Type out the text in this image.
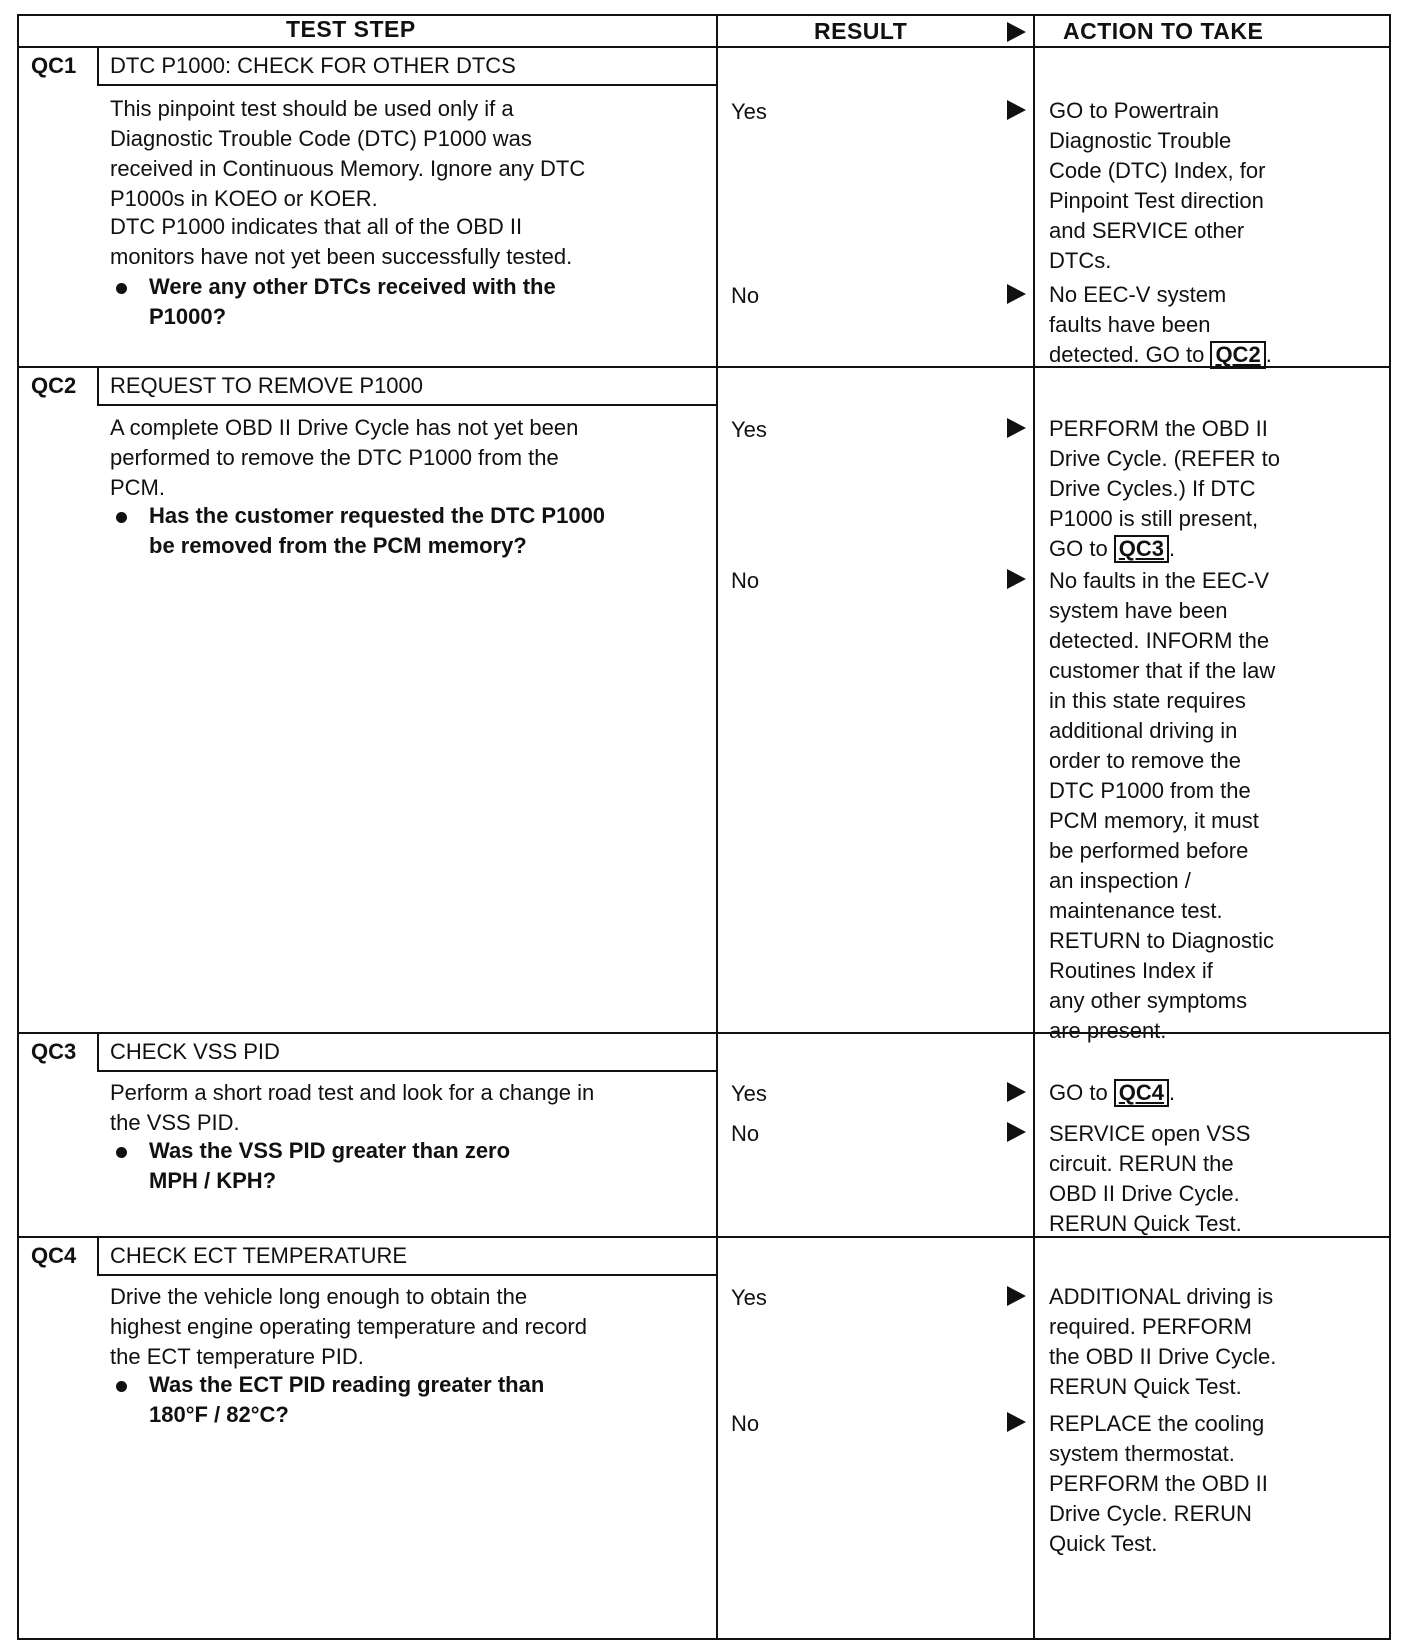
TEST STEP	RESULT	ACTION TO TAKE
QC1 DTC P1000: CHECK FOR OTHER DTCS
This pinpoint test should be used only if a
Diagnostic Trouble Code (DTC) P1000 was
received in Continuous Memory. Ignore any DTC
P1000s in KOEO or KOER.
DTC P1000 indicates that all of the OBD II
monitors have not yet been successfully tested.
Were any other DTCs received with the
P1000?
Yes	GO to Powertrain
Diagnostic Trouble
Code (DTC) Index, for
Pinpoint Test direction
and SERVICE other
DTCs.
No	No EEC-V system
faults have been
detected. GO to QC2 .
QC2 REQUEST TO REMOVE P1000
A complete OBD II Drive Cycle has not yet been
performed to remove the DTC P1000 from the
PCM.
Has the customer requested the DTC P1000
be removed from the PCM memory?
Yes	PERFORM the OBD II
Drive Cycle. (REFER to
Drive Cycles.) If DTC
P1000 is still present,
GO to QC3 .
No	No faults in the EEC-V
system have been
detected. INFORM the
customer that if the law
in this state requires
additional driving in
order to remove the
DTC P1000 from the
PCM memory, it must
be performed before
an inspection /
maintenance test.
RETURN to Diagnostic
Routines Index if
any other symptoms
are present.
QC3 CHECK VSS PID
Perform a short road test and look for a change in
the VSS PID.
Was the VSS PID greater than zero
MPH / KPH?
Yes	GO to QC4 .
No	SERVICE open VSS
circuit. RERUN the
OBD II Drive Cycle.
RERUN Quick Test.
QC4 CHECK ECT TEMPERATURE
Drive the vehicle long enough to obtain the
highest engine operating temperature and record
the ECT temperature PID.
Was the ECT PID reading greater than
180°F / 82°C?
Yes	ADDITIONAL driving is
required. PERFORM
the OBD II Drive Cycle.
RERUN Quick Test.
No	REPLACE the cooling
system thermostat.
PERFORM the OBD II
Drive Cycle. RERUN
Quick Test.
